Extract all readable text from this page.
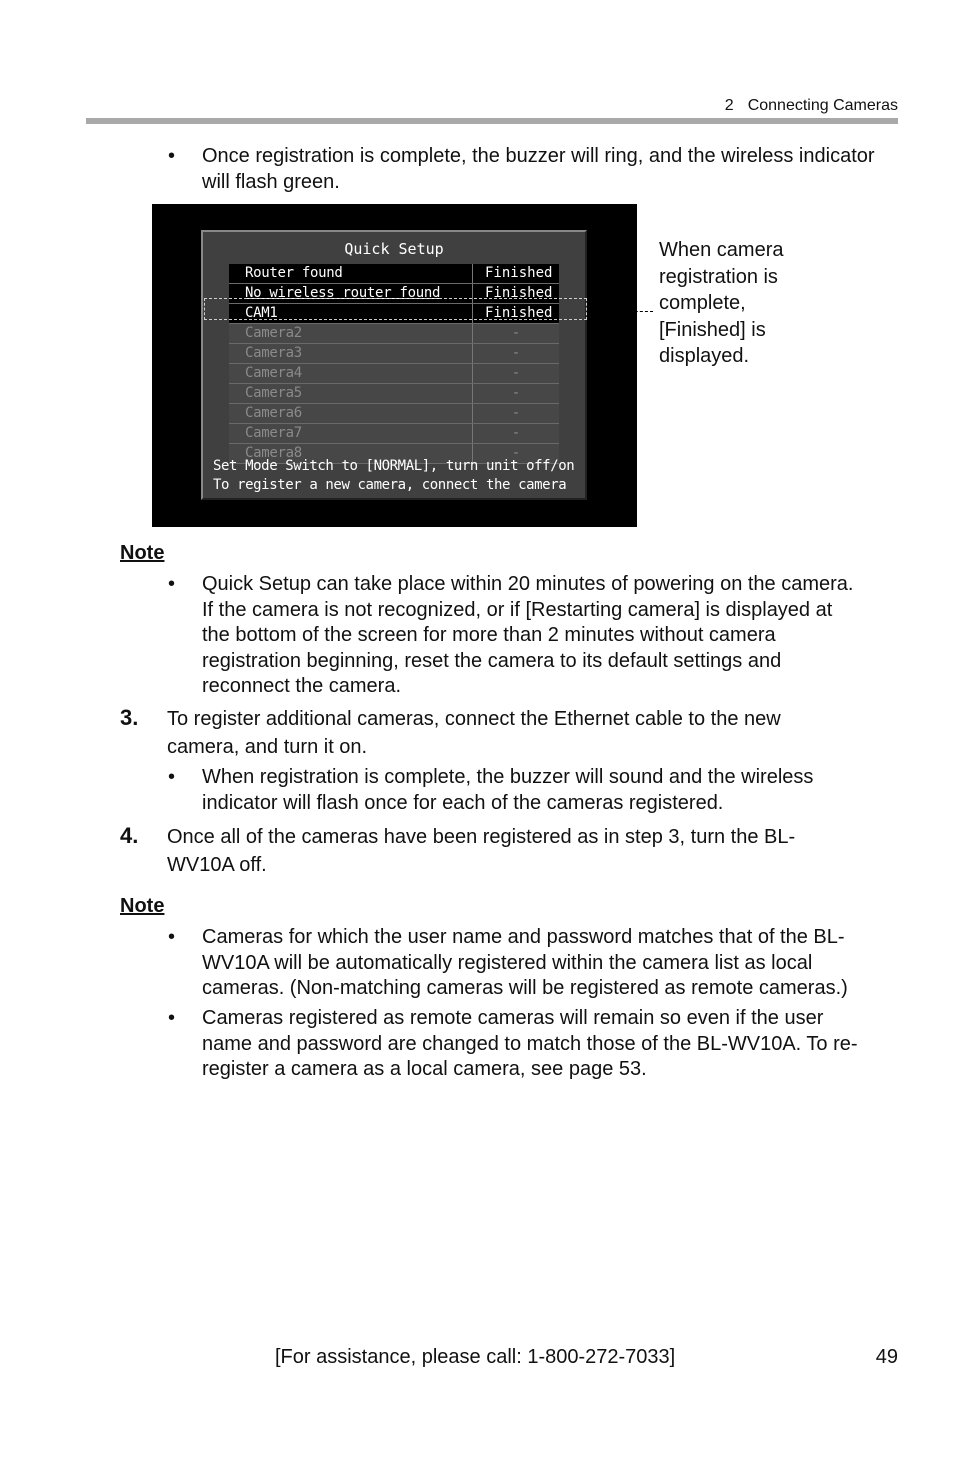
2 Connecting Cameras
• Once registration is complete, the buzzer will ring, and the wireless indicator will flash green.
Quick Setup
Router found	Finished
No wireless router found	Finished
CAM1	Finished
Camera2	-
Camera3	-
Camera4	-
Camera5	-
Camera6	-
Camera7	-
Camera8	-
Set Mode Switch to [NORMAL], turn unit off/on
To register a new camera, connect the camera
When camera
registration is
complete,
[Finished] is
displayed.
Note
• Quick Setup can take place within 20 minutes of powering on the camera.
If the camera is not recognized, or if [Restarting camera] is displayed at
the bottom of the screen for more than 2 minutes without camera
registration beginning, reset the camera to its default settings and
reconnect the camera.
3. To register additional cameras, connect the Ethernet cable to the new
camera, and turn it on.
• When registration is complete, the buzzer will sound and the wireless
indicator will flash once for each of the cameras registered.
4. Once all of the cameras have been registered as in step 3, turn the BL-
WV10A off.
Note
• Cameras for which the user name and password matches that of the BL-
WV10A will be automatically registered within the camera list as local
cameras. (Non-matching cameras will be registered as remote cameras.)
• Cameras registered as remote cameras will remain so even if the user
name and password are changed to match those of the BL-WV10A. To re-
register a camera as a local camera, see page 53.
[For assistance, please call: 1-800-272-7033]	49
